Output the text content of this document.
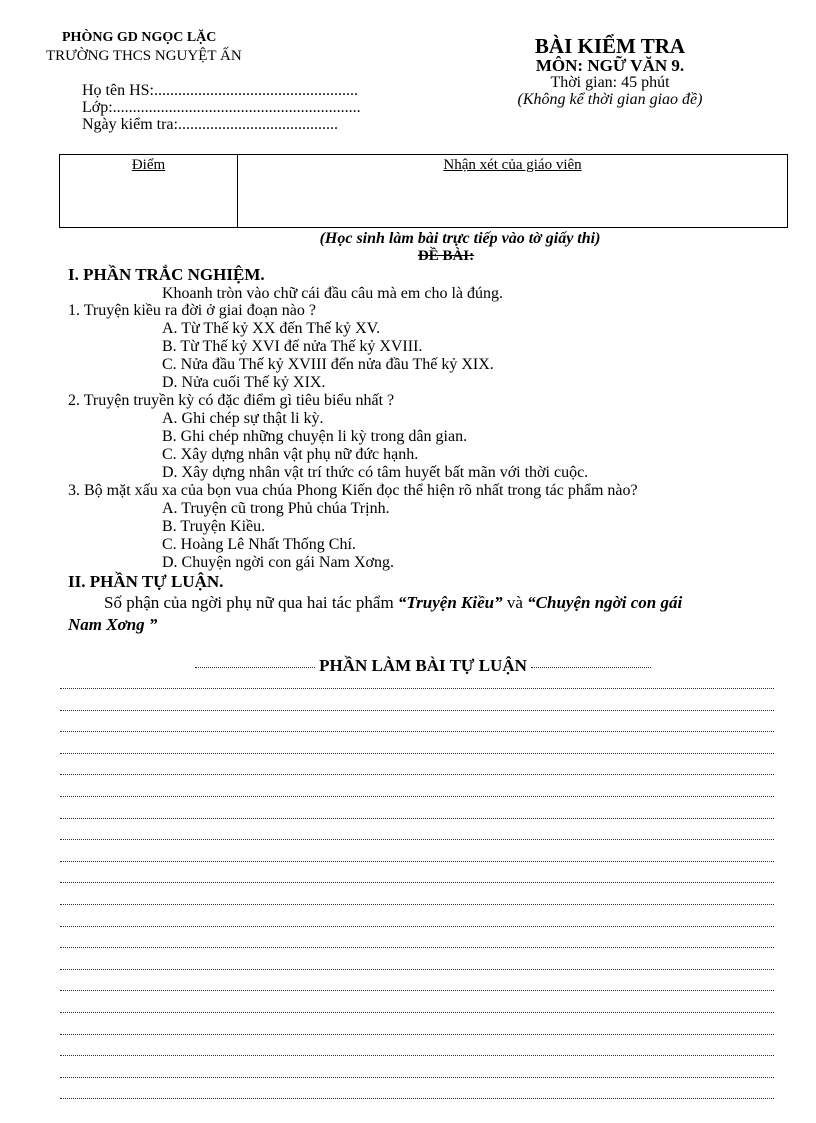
PHÒNG GD NGỌC LẶC
TRƯỜNG THCS NGUYỆT ẤN	BÀI KIỂM TRA
MÔN: NGỮ VĂN 9.
Thời gian: 45 phút
(Không kể thời gian giao đề)
Họ tên HS:...................................................
Lớp:..............................................................
Ngày kiểm tra:........................................
Điểm	Nhận xét của giáo viên
(Học sinh làm bài trực tiếp vào tờ giấy thi)
ĐỀ BÀI:
I. PHẦN TRẮC NGHIỆM.
Khoanh tròn vào chữ cái đầu câu mà em cho là đúng.
1. Truyện kiều ra đời ở giai đoạn nào ?
A. Từ Thế kỷ XX đến Thế kỷ XV.
B. Từ Thế kỷ XVI đế nửa Thế kỷ XVIII.
C. Nửa đầu Thế kỷ XVIII đến nửa đầu Thế kỷ XIX.
D. Nửa cuối Thế kỷ XIX.
2. Truyện truyền kỳ có đặc điểm gì tiêu biểu nhất ?
A. Ghi chép sự thật li kỳ.
B. Ghi chép những chuyện li kỳ trong dân gian.
C. Xây dựng nhân vật phụ nữ đức hạnh.
D. Xây dựng nhân vật trí thức có tâm huyết bất mãn với thời cuộc.
3. Bộ mặt xấu xa của bọn vua chúa Phong Kiến đọc thể hiện rõ nhất trong tác phẩm nào?
A. Truyện cũ trong Phủ chúa Trịnh.
B. Truyện Kiều.
C. Hoàng Lê Nhất Thống Chí.
D. Chuyện ngời con gái Nam Xơng.
II. PHẦN TỰ LUẬN.
Số phận của ngời phụ nữ qua hai tác phẩm “Truyện Kiều” và “Chuyện ngời con gái
Nam Xơng ”
PHẦN LÀM BÀI TỰ LUẬN
